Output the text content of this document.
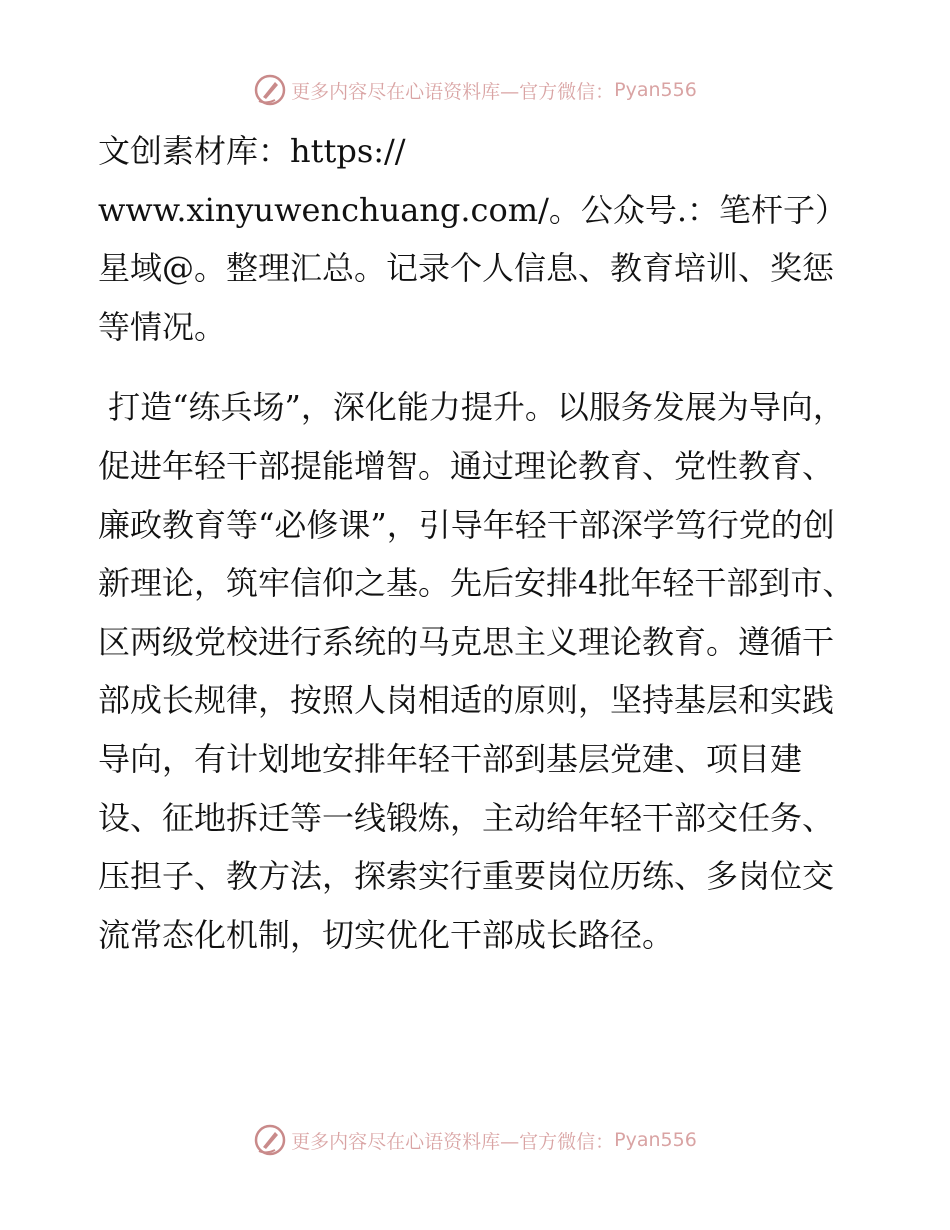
更多内容尽在心语资料库—官方微信： Pyan556

文创素材库：https://
www.xinyuwenchuang.com/。公众号.：笔杆子）星域@。整理汇总。记录个人信息、教育培训、奖惩等情况。

打造“练兵场”，深化能力提升。以服务发展为导向，促进年轻干部提能增智。通过理论教育、党性教育、廉政教育等“必修课”，引导年轻干部深学笃行党的创新理论，筑牢信仰之基。先后安排4批年轻干部到市、区两级党校进行系统的马克思主义理论教育。遵循干部成长规律，按照人岗相适的原则，坚持基层和实践导向，有计划地安排年轻干部到基层党建、项目建设、征地拆迁等一线锻炼，主动给年轻干部交任务、压担子、教方法，探索实行重要岗位历练、多岗位交流常态化机制，切实优化干部成长路径。

更多内容尽在心语资料库—官方微信： Pyan556
